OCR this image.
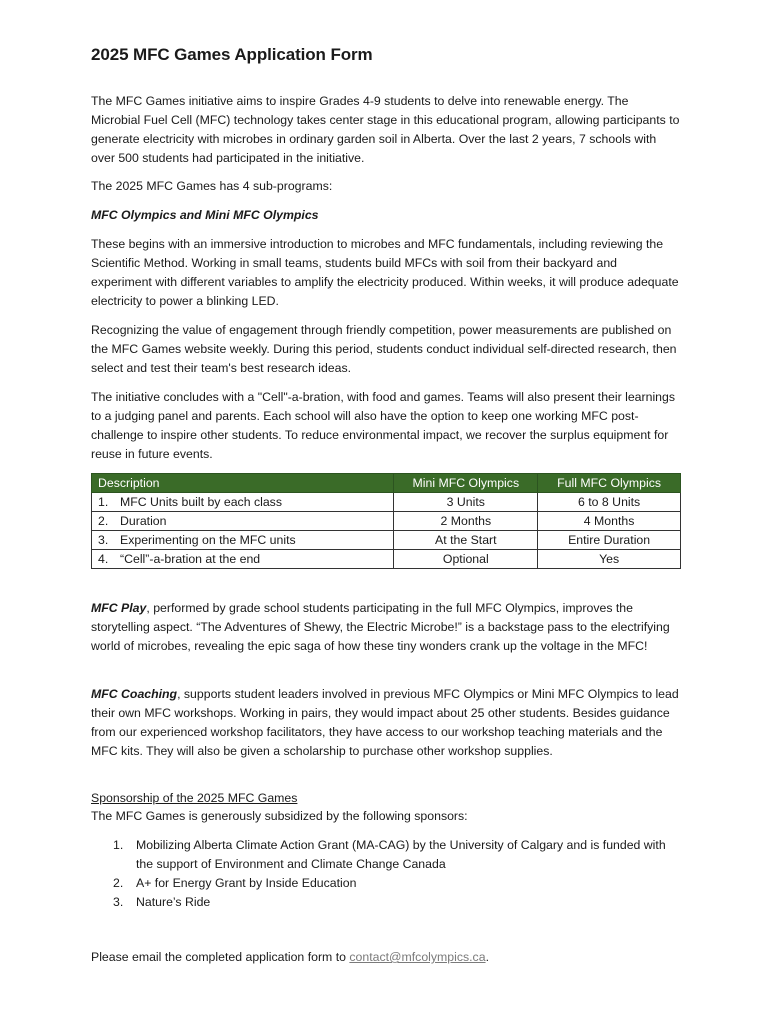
2025 MFC Games Application Form

The MFC Games initiative aims to inspire Grades 4-9 students to delve into renewable energy. The Microbial Fuel Cell (MFC) technology takes center stage in this educational program, allowing participants to generate electricity with microbes in ordinary garden soil in Alberta. Over the last 2 years, 7 schools with over 500 students had participated in the initiative.

The 2025 MFC Games has 4 sub-programs:

MFC Olympics and Mini MFC Olympics

These begins with an immersive introduction to microbes and MFC fundamentals, including reviewing the Scientific Method. Working in small teams, students build MFCs with soil from their backyard and experiment with different variables to amplify the electricity produced. Within weeks, it will produce adequate electricity to power a blinking LED.

Recognizing the value of engagement through friendly competition, power measurements are published on the MFC Games website weekly. During this period, students conduct individual self-directed research, then select and test their team's best research ideas.

The initiative concludes with a "Cell"-a-bration, with food and games. Teams will also present their learnings to a judging panel and parents. Each school will also have the option to keep one working MFC post-challenge to inspire other students. To reduce environmental impact, we recover the surplus equipment for reuse in future events.

Description	Mini MFC Olympics	Full MFC Olympics
1. MFC Units built by each class	3 Units	6 to 8 Units
2. Duration	2 Months	4 Months
3. Experimenting on the MFC units	At the Start	Entire Duration
4. “Cell”-a-bration at the end	Optional	Yes

MFC Play, performed by grade school students participating in the full MFC Olympics, improves the storytelling aspect. “The Adventures of Shewy, the Electric Microbe!” is a backstage pass to the electrifying world of microbes, revealing the epic saga of how these tiny wonders crank up the voltage in the MFC!

MFC Coaching, supports student leaders involved in previous MFC Olympics or Mini MFC Olympics to lead their own MFC workshops. Working in pairs, they would impact about 25 other students. Besides guidance from our experienced workshop facilitators, they have access to our workshop teaching materials and the MFC kits. They will also be given a scholarship to purchase other workshop supplies.

Sponsorship of the 2025 MFC Games

The MFC Games is generously subsidized by the following sponsors:

1. Mobilizing Alberta Climate Action Grant (MA-CAG) by the University of Calgary and is funded with the support of Environment and Climate Change Canada
2. A+ for Energy Grant by Inside Education
3. Nature’s Ride

Please email the completed application form to contact@mfcolympics.ca.
